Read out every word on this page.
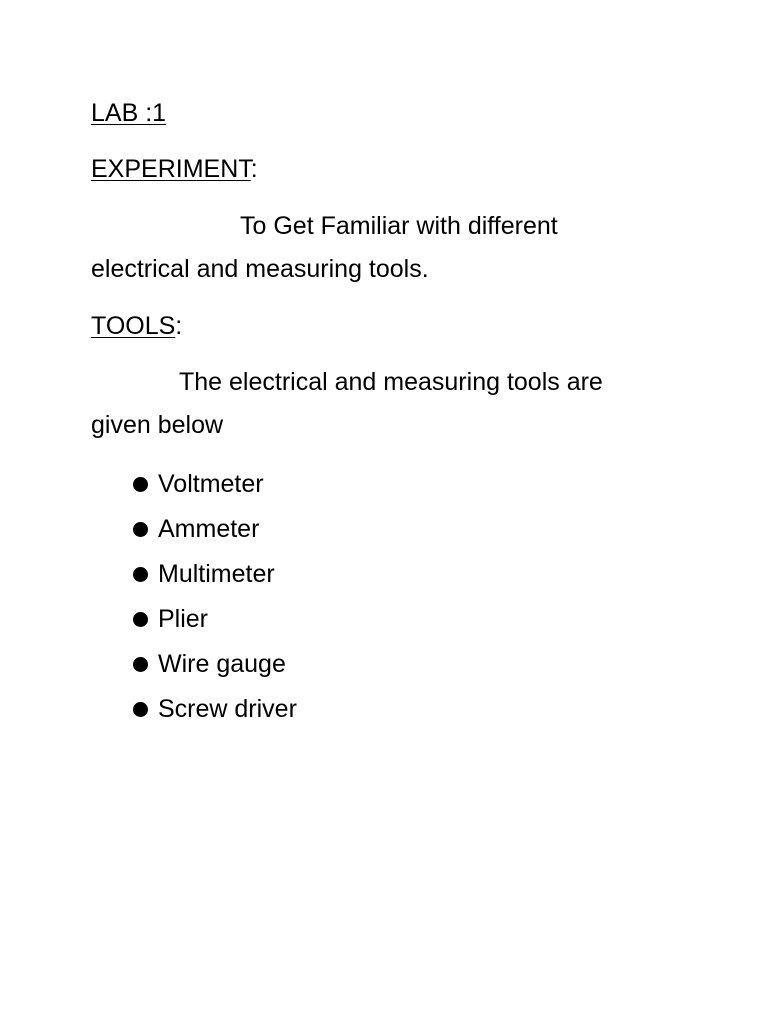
LAB :1
EXPERIMENT:
To Get Familiar with different
electrical and measuring tools.
TOOLS:
The electrical and measuring tools are
given below
Voltmeter
Ammeter
Multimeter
Plier
Wire gauge
Screw driver
